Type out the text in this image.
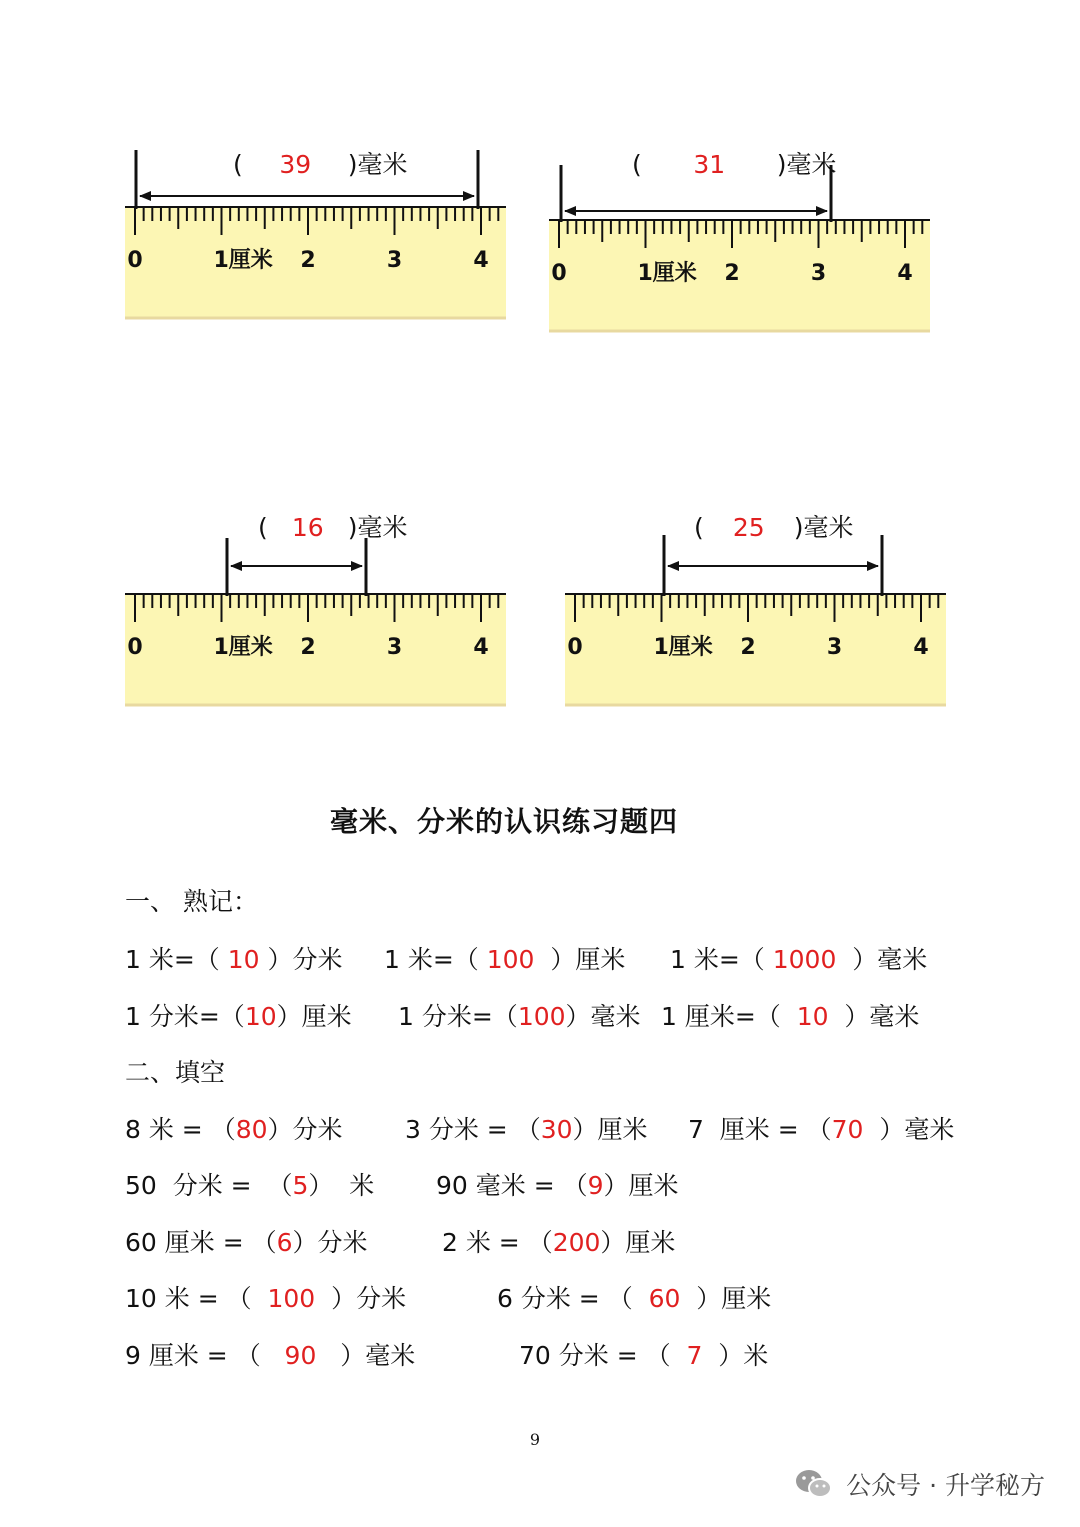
0	1厘米 2	3	4
(	39	) 毫米
0	1厘米 2	3	4
(	31	) 毫米
0	1厘米 2	3	4
( 16 ) 毫米
0	1厘米 2	3	4
(	25	) 毫米
毫米、分米的认识练习题四
一、 熟记：
1 米=（ 10 ）分米 1 米=（ 100  ）厘米 1 米=（ 1000  ）毫米
1 分米=（10）厘米 1 分米=（100）毫米 1 厘米=（  10  ）毫米
二、填空
8 米 = （80）分米 3 分米 = （30）厘米 7  厘米 = （70  ）毫米
50  分米 =  （5）  米 90 毫米 = （9）厘米
60 厘米 = （6）分米	2 米 = （200）厘米
10 米 = （  100  ）分米	6 分米 = （  60  ）厘米
9 厘米 = （   90   ）毫米	70 分米 = （  7  ）米
9
公众号 · 升学秘方
